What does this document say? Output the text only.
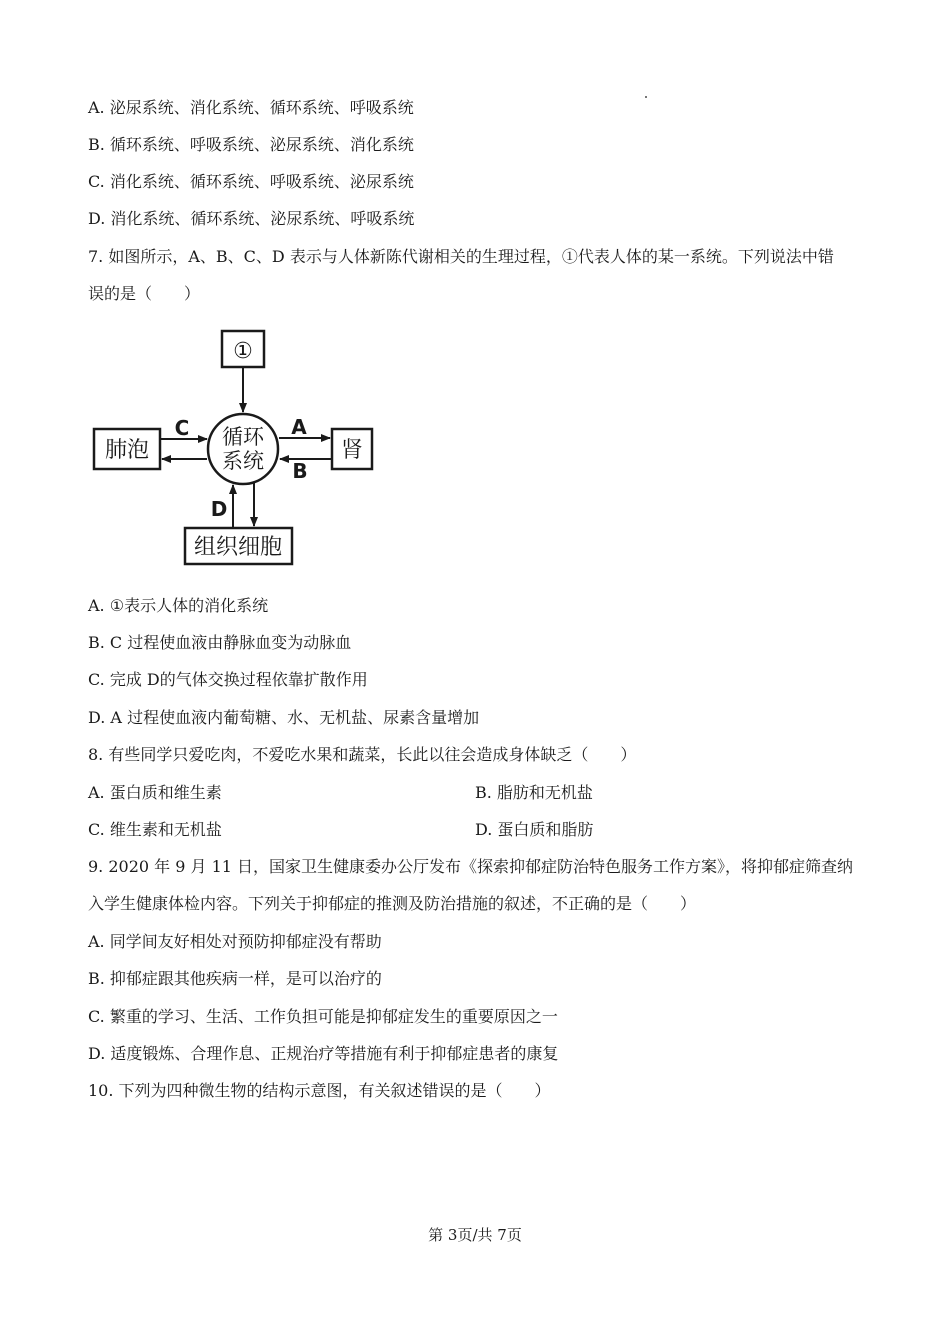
A. 泌尿系统、消化系统、循环系统、呼吸系统
B. 循环系统、呼吸系统、泌尿系统、消化系统
C. 消化系统、循环系统、呼吸系统、泌尿系统
D. 消化系统、循环系统、泌尿系统、呼吸系统
7. 如图所示，A、B、C、D 表示与人体新陈代谢相关的生理过程，①代表人体的某一系统。下列说法中错
误的是（　　）
①
循环
系统
肺泡	肾
组织细胞
C	A
B
D
A. ①表示人体的消化系统
B. C 过程使血液由静脉血变为动脉血
C. 完成 D的气体交换过程依靠扩散作用
D. A 过程使血液内葡萄糖、水、无机盐、尿素含量增加
8. 有些同学只爱吃肉，不爱吃水果和蔬菜，长此以往会造成身体缺乏（　　）
A. 蛋白质和维生素	B. 脂肪和无机盐
C. 维生素和无机盐	D. 蛋白质和脂肪
9. 2020 年 9 月 11 日，国家卫生健康委办公厅发布《探索抑郁症防治特色服务工作方案》，将抑郁症筛查纳
入学生健康体检内容。下列关于抑郁症的推测及防治措施的叙述，不正确的是（　　）
A. 同学间友好相处对预防抑郁症没有帮助
B. 抑郁症跟其他疾病一样，是可以治疗的
C. 繁重的学习、生活、工作负担可能是抑郁症发生的重要原因之一
D. 适度锻炼、合理作息、正规治疗等措施有利于抑郁症患者的康复
10. 下列为四种微生物的结构示意图，有关叙述错误的是（　　）
第 3页/共 7页
